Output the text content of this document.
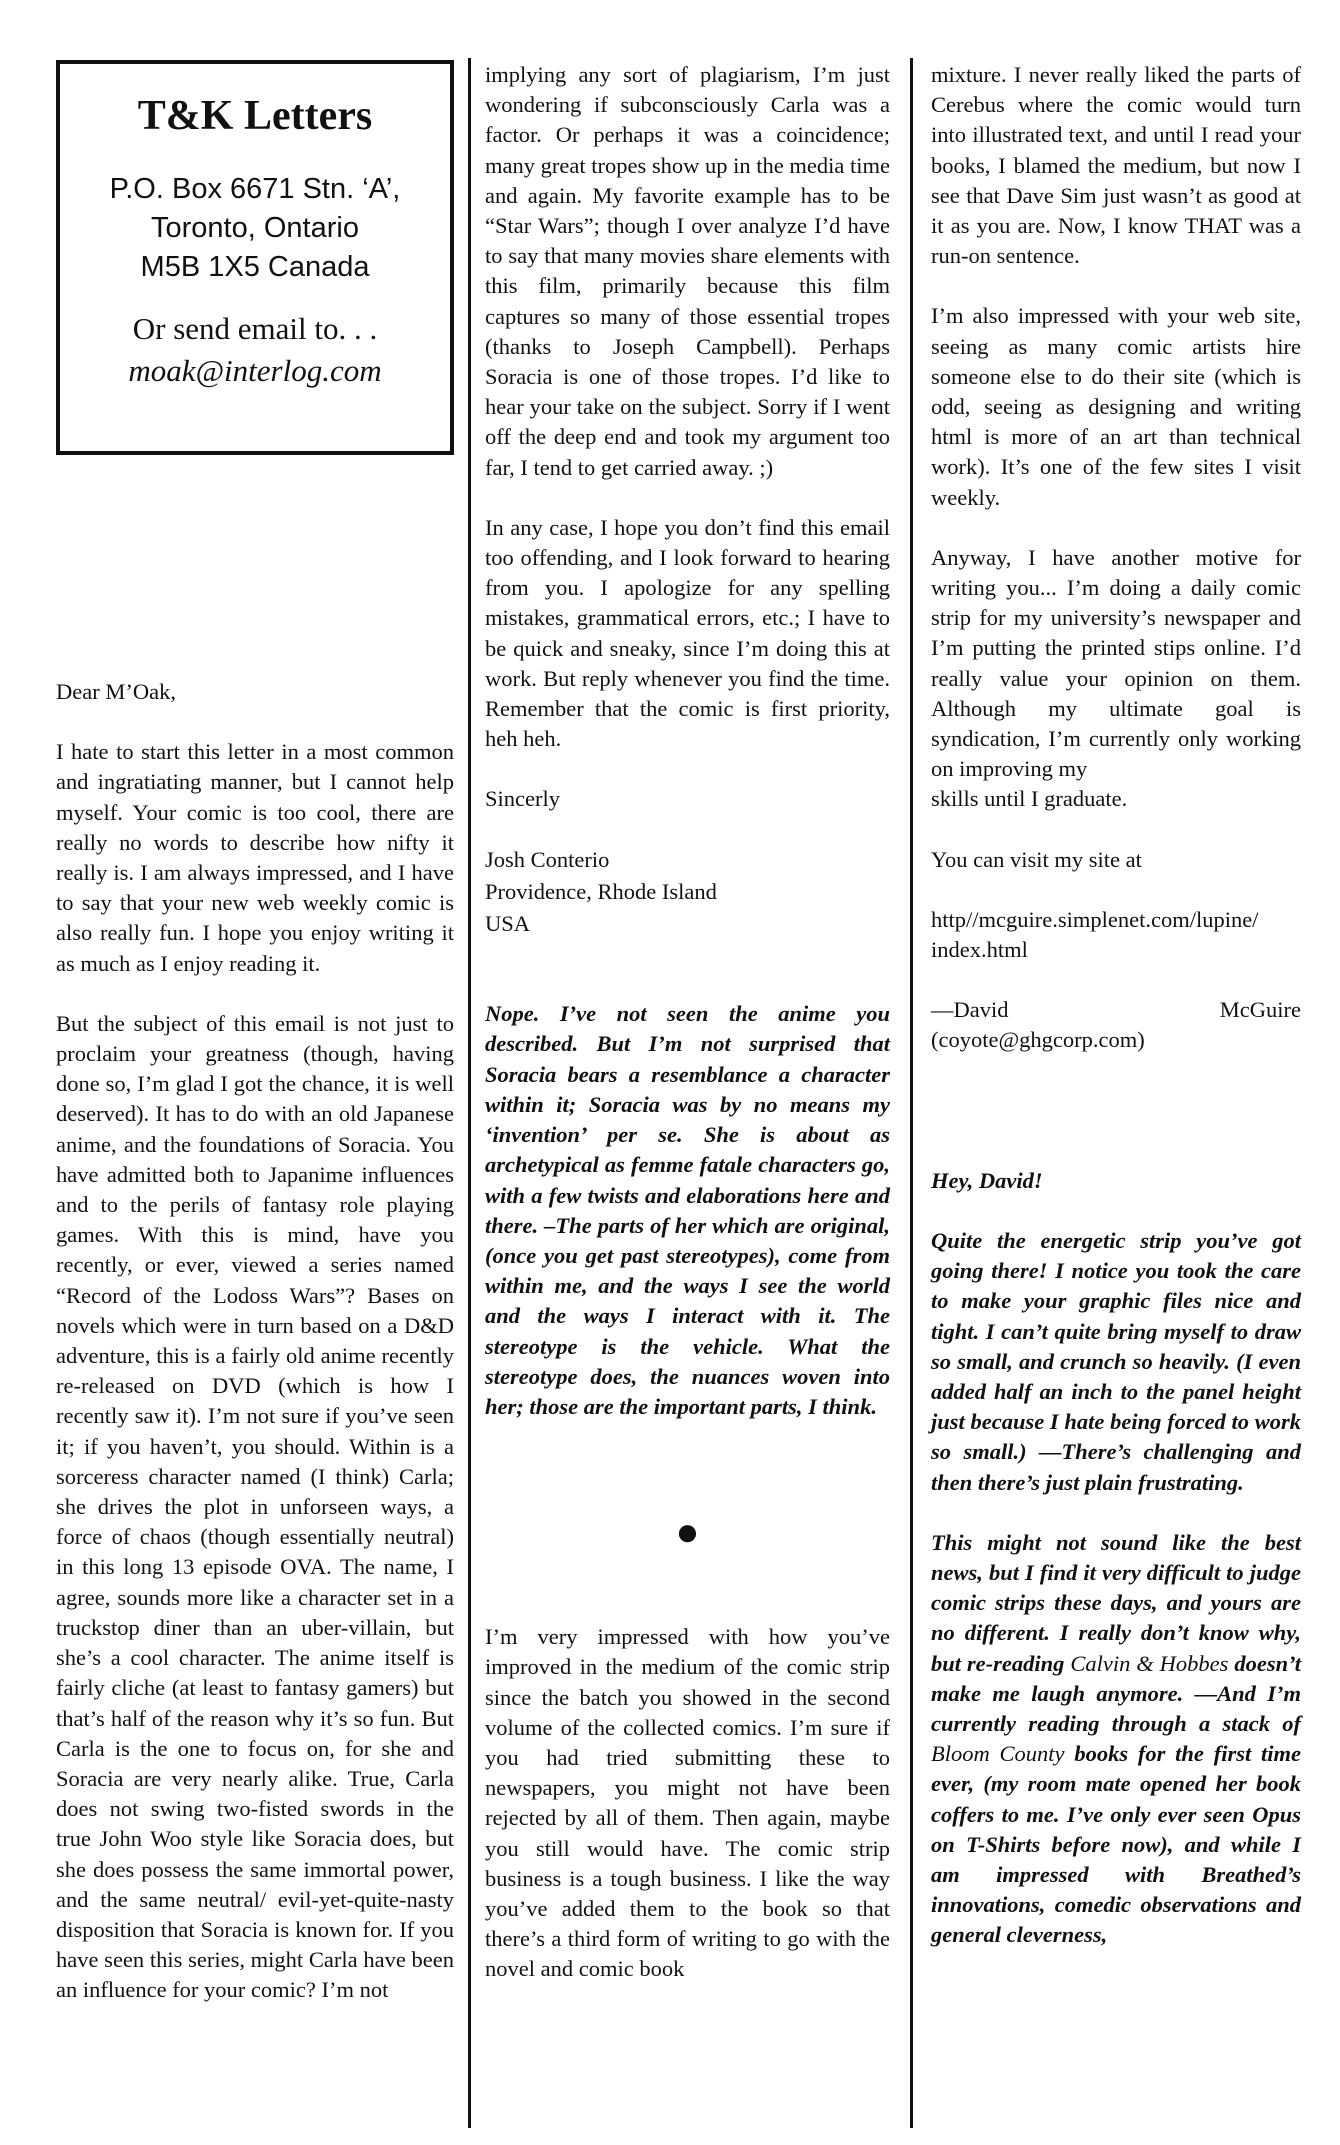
T&K Letters
P.O. Box 6671 Stn. ‘A’,
Toronto, Ontario
M5B 1X5 Canada
Or send email to. . .
moak@interlog.com

Dear M’Oak,

I hate to start this letter in a most common and ingratiating manner, but I cannot help myself. Your comic is too cool, there are really no words to describe how nifty it really is. I am always impressed, and I have to say that your new web weekly comic is also really fun. I hope you enjoy writing it as much as I enjoy reading it.

But the subject of this email is not just to proclaim your greatness (though, having done so, I’m glad I got the chance, it is well deserved). It has to do with an old Japanese anime, and the foundations of Soracia. You have admitted both to Japanime influences and to the perils of fantasy role playing games. With this is mind, have you recently, or ever, viewed a series named “Record of the Lodoss Wars”? Bases on novels which were in turn based on a D&D adventure, this is a fairly old anime recently re-released on DVD (which is how I recently saw it). I’m not sure if you’ve seen it; if you haven’t, you should. Within is a sorceress character named (I think) Carla; she drives the plot in unforseen ways, a force of chaos (though essentially neutral) in this long 13 episode OVA. The name, I agree, sounds more like a character set in a truckstop diner than an uber-villain, but she’s a cool character. The anime itself is fairly cliche (at least to fantasy gamers) but that’s half of the reason why it’s so fun. But Carla is the one to focus on, for she and Soracia are very nearly alike. True, Carla does not swing two-fisted swords in the true John Woo style like Soracia does, but she does possess the same immortal power, and the same neutral/ evil-yet-quite-nasty disposition that Soracia is known for. If you have seen this series, might Carla have been an influence for your comic? I’m not

implying any sort of plagiarism, I’m just wondering if subconsciously Carla was a factor. Or perhaps it was a coincidence; many great tropes show up in the media time and again. My favorite example has to be “Star Wars”; though I over analyze I’d have to say that many movies share elements with this film, primarily because this film captures so many of those essential tropes (thanks to Joseph Campbell). Perhaps Soracia is one of those tropes. I’d like to hear your take on the subject. Sorry if I went off the deep end and took my argument too far, I tend to get carried away. ;)

In any case, I hope you don’t find this email too offending, and I look forward to hearing from you. I apologize for any spelling mistakes, grammatical errors, etc.; I have to be quick and sneaky, since I’m doing this at work. But reply whenever you find the time. Remember that the comic is first priority, heh heh.

Sincerly

Josh Conterio

Providence, Rhode Island

USA

Nope. I’ve not seen the anime you described. But I’m not surprised that Soracia bears a resemblance a character within it; Soracia was by no means my ‘invention’ per se. She is about as archetypical as femme fatale characters go, with a few twists and elaborations here and there. –The parts of her which are original, (once you get past stereotypes), come from within me, and the ways I see the world and the ways I interact with it. The stereotype is the vehicle. What the stereotype does, the nuances woven into her; those are the important parts, I think.

●

I’m very impressed with how you’ve improved in the medium of the comic strip since the batch you showed in the second volume of the collected comics. I’m sure if you had tried submitting these to newspapers, you might not have been rejected by all of them. Then again, maybe you still would have. The comic strip business is a tough business. I like the way you’ve added them to the book so that there’s a third form of writing to go with the novel and comic book

mixture. I never really liked the parts of Cerebus where the comic would turn into illustrated text, and until I read your books, I blamed the medium, but now I see that Dave Sim just wasn’t as good at it as you are. Now, I know THAT was a run-on sentence.

I’m also impressed with your web site, seeing as many comic artists hire someone else to do their site (which is odd, seeing as designing and writing html is more of an art than technical work). It’s one of the few sites I visit weekly.

Anyway, I have another motive for writing you... I’m doing a daily comic strip for my university’s newspaper and I’m putting the printed stips online. I’d really value your opinion on them. Although my ultimate goal is syndication, I’m currently only working on improving my

skills until I graduate.

You can visit my site at

http//mcguire.simplenet.com/lupine/
index.html

—David	McGuire

(coyote@ghgcorp.com)

Hey, David!

Quite the energetic strip you’ve got going there! I notice you took the care to make your graphic files nice and tight. I can’t quite bring myself to draw so small, and crunch so heavily. (I even added half an inch to the panel height just because I hate being forced to work so small.) —There’s challenging and then there’s just plain frustrating.

This might not sound like the best news, but I find it very difficult to judge comic strips these days, and yours are no different. I really don’t know why, but re-reading Calvin & Hobbes doesn’t make me laugh anymore. —And I’m currently reading through a stack of Bloom County books for the first time ever, (my room mate opened her book coffers to me. I’ve only ever seen Opus on T-Shirts before now), and while I am impressed with Breathed’s innovations, comedic observations and general cleverness,
